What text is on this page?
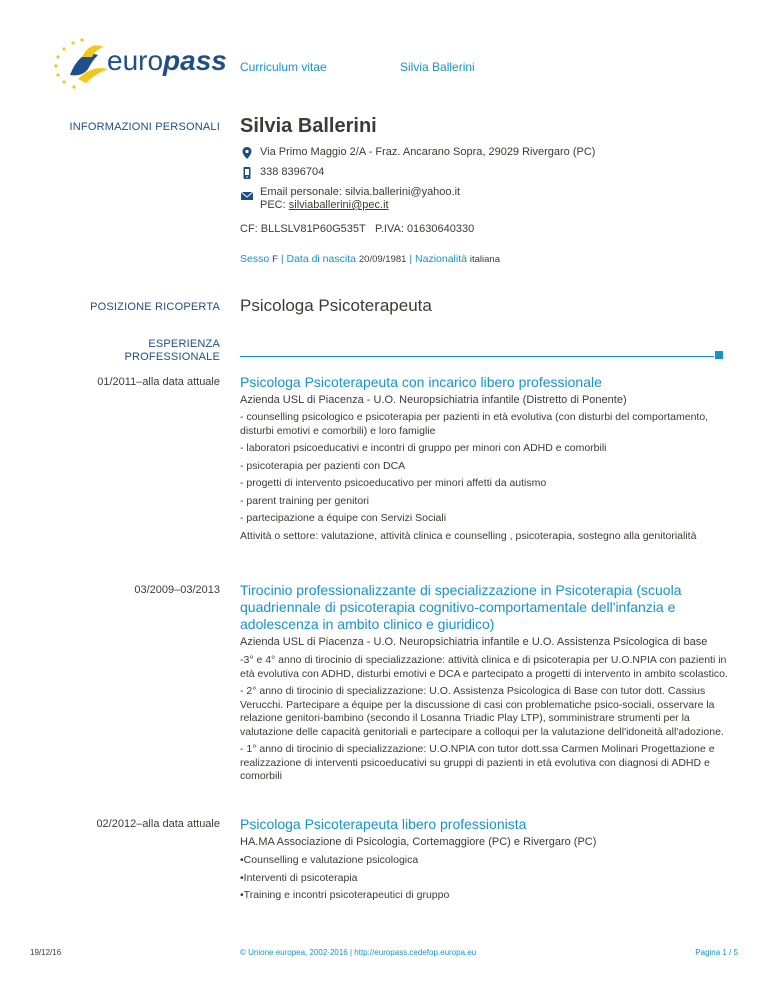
europass Curriculum vitae	Silvia Ballerini
INFORMAZIONI PERSONALI Silvia Ballerini
Via Primo Maggio 2/A - Fraz. Ancarano Sopra, 29029 Rivergaro (PC)
338 8396704
Email personale: silvia.ballerini@yahoo.it
PEC: silviaballerini@pec.it
CF: BLLSLV81P60G535T P.IVA: 01630640330
Sesso F | Data di nascita 20/09/1981 | Nazionalità italiana
POSIZIONE RICOPERTA Psicologa Psicoterapeuta
ESPERIENZA
PROFESSIONALE
01/2011–alla data attuale Psicologa Psicoterapeuta con incarico libero professionale
Azienda USL di Piacenza - U.O. Neuropsichiatria infantile (Distretto di Ponente)

- counselling psicologico e psicoterapia per pazienti in età evolutiva (con disturbi del comportamento, disturbi emotivi e comorbili) e loro famiglie

- laboratori psicoeducativi e incontri di gruppo per minori con ADHD e comorbili

- psicoterapia per pazienti con DCA

- progetti di intervento psicoeducativo per minori affetti da autismo

- parent training per genitori

- partecipazione a équipe con Servizi Sociali

Attività o settore: valutazione, attività clinica e counselling , psicoterapia, sostegno alla genitorialità
03/2009–03/2013 Tirocinio professionalizzante di specializzazione in Psicoterapia (scuola quadriennale di psicoterapia cognitivo-comportamentale dell'infanzia e adolescenza in ambito clinico e giuridico)
Azienda USL di Piacenza - U.O. Neuropsichiatria infantile e U.O. Assistenza Psicologica di base

-3° e 4° anno di tirocinio di specializzazione: attività clinica e di psicoterapia per U.O.NPIA con pazienti in età evolutiva con ADHD, disturbi emotivi e DCA e partecipato a progetti di intervento in ambito scolastico.

- 2° anno di tirocinio di specializzazione: U.O. Assistenza Psicologica di Base con tutor dott. Cassius Verucchi. Partecipare a équipe per la discussione di casi con problematiche psico-sociali, osservare la relazione genitori-bambino (secondo il Losanna Triadic Play LTP), somministrare strumenti per la valutazione delle capacità genitoriali e partecipare a colloqui per la valutazione dell'idoneità all'adozione.

- 1° anno di tirocinio di specializzazione: U.O.NPIA con tutor dott.ssa Carmen Molinari Progettazione e realizzazione di interventi psicoeducativi su gruppi di pazienti in età evolutiva con diagnosi di ADHD e comorbili

02/2012–alla data attuale Psicologa Psicoterapeuta libero professionista
HA.MA Associazione di Psicologia, Cortemaggiore (PC) e Rivergaro (PC)

•Counselling e valutazione psicologica

•Interventi di psicoterapia

•Training e incontri psicoterapeutici di gruppo

19/12/16	© Unione europea, 2002-2016 | http://europass.cedefop.europa.eu	Pagina 1 / 5
